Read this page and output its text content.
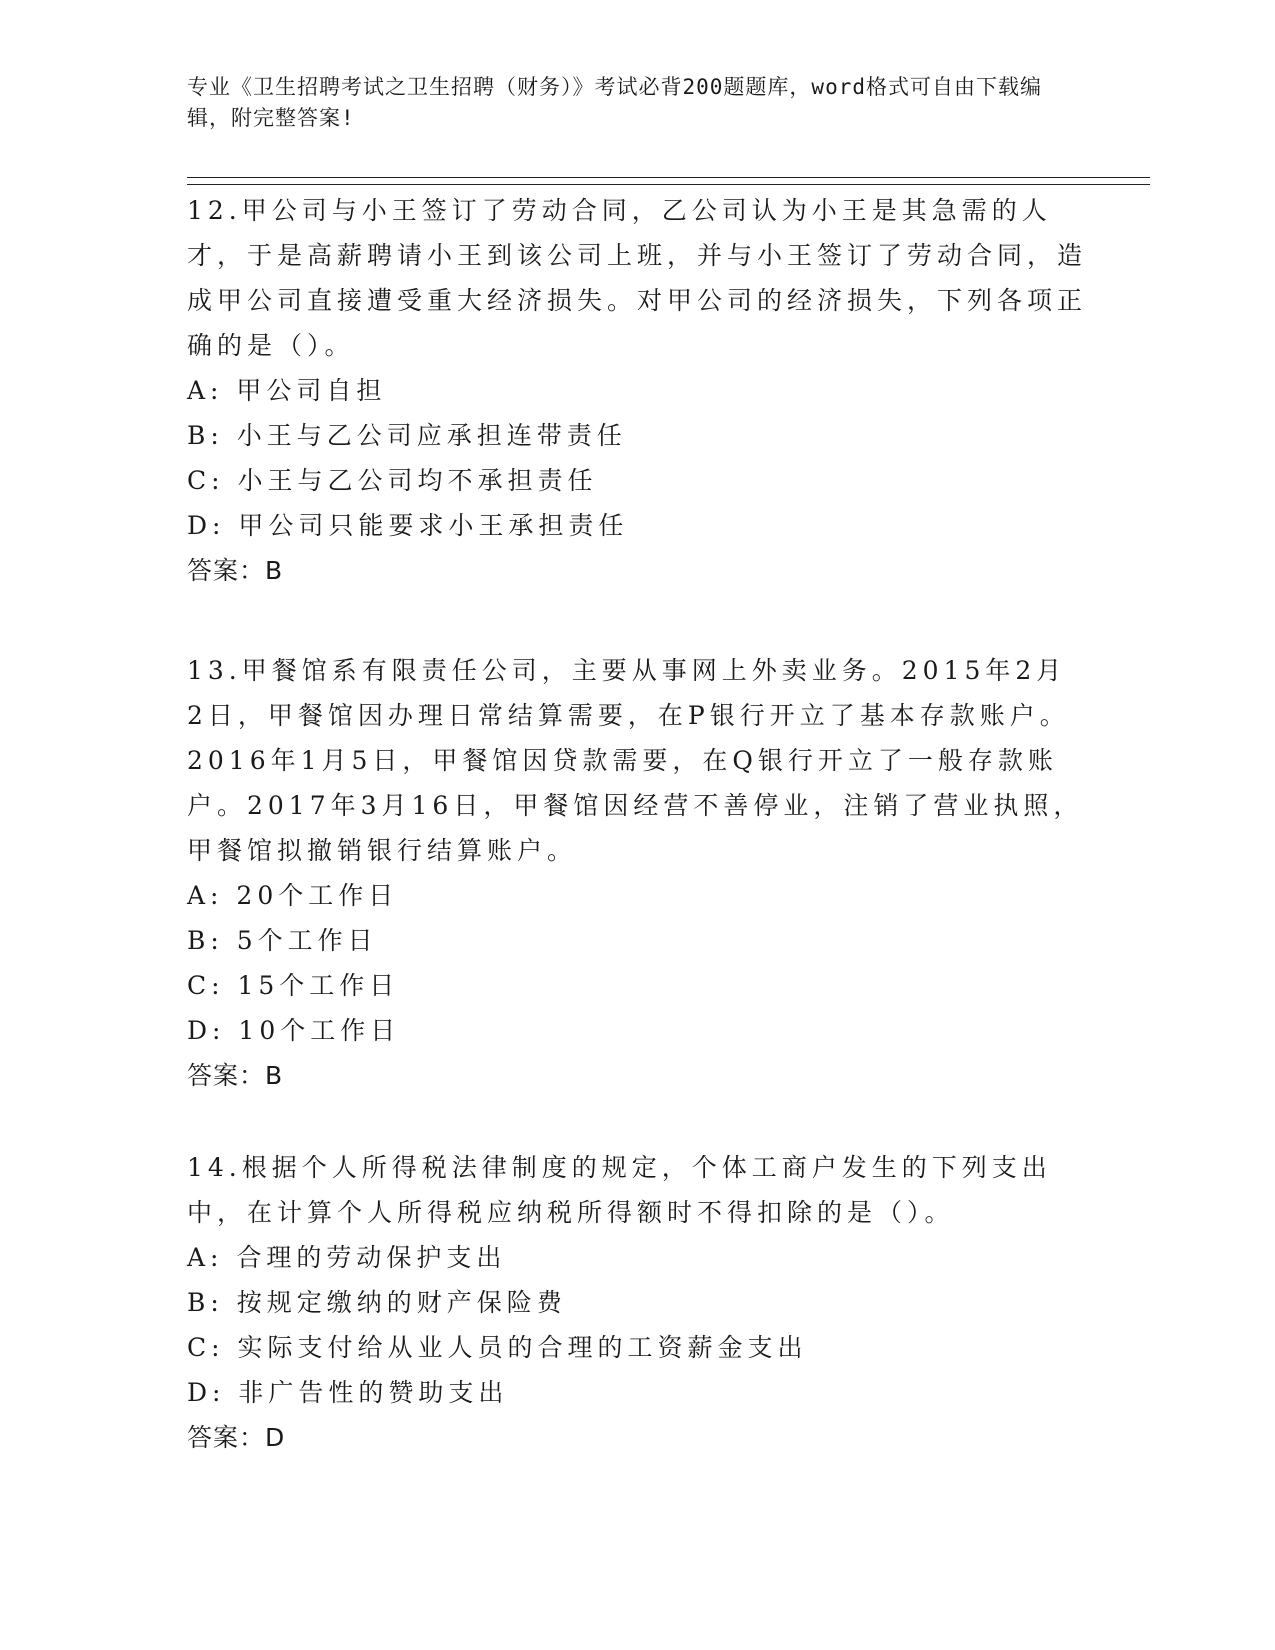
专业《卫生招聘考试之卫生招聘（财务）》考试必背200题题库，word格式可自由下载编辑，附完整答案!

12.甲公司与小王签订了劳动合同，乙公司认为小王是其急需的人才，于是高薪聘请小王到该公司上班，并与小王签订了劳动合同，造成甲公司直接遭受重大经济损失。对甲公司的经济损失，下列各项正确的是（）。

A: 甲公司自担

B: 小王与乙公司应承担连带责任

C: 小王与乙公司均不承担责任

D: 甲公司只能要求小王承担责任

答案：B

13.甲餐馆系有限责任公司，主要从事网上外卖业务。2015年2月2日，甲餐馆因办理日常结算需要，在P银行开立了基本存款账户。2016年1月5日，甲餐馆因贷款需要，在Q银行开立了一般存款账户。2017年3月16日，甲餐馆因经营不善停业，注销了营业执照，甲餐馆拟撤销银行结算账户。

A: 20个工作日

B: 5个工作日

C: 15个工作日

D: 10个工作日

答案：B

14.根据个人所得税法律制度的规定，个体工商户发生的下列支出中，在计算个人所得税应纳税所得额时不得扣除的是（）。

A: 合理的劳动保护支出

B: 按规定缴纳的财产保险费

C: 实际支付给从业人员的合理的工资薪金支出

D: 非广告性的赞助支出

答案：D
